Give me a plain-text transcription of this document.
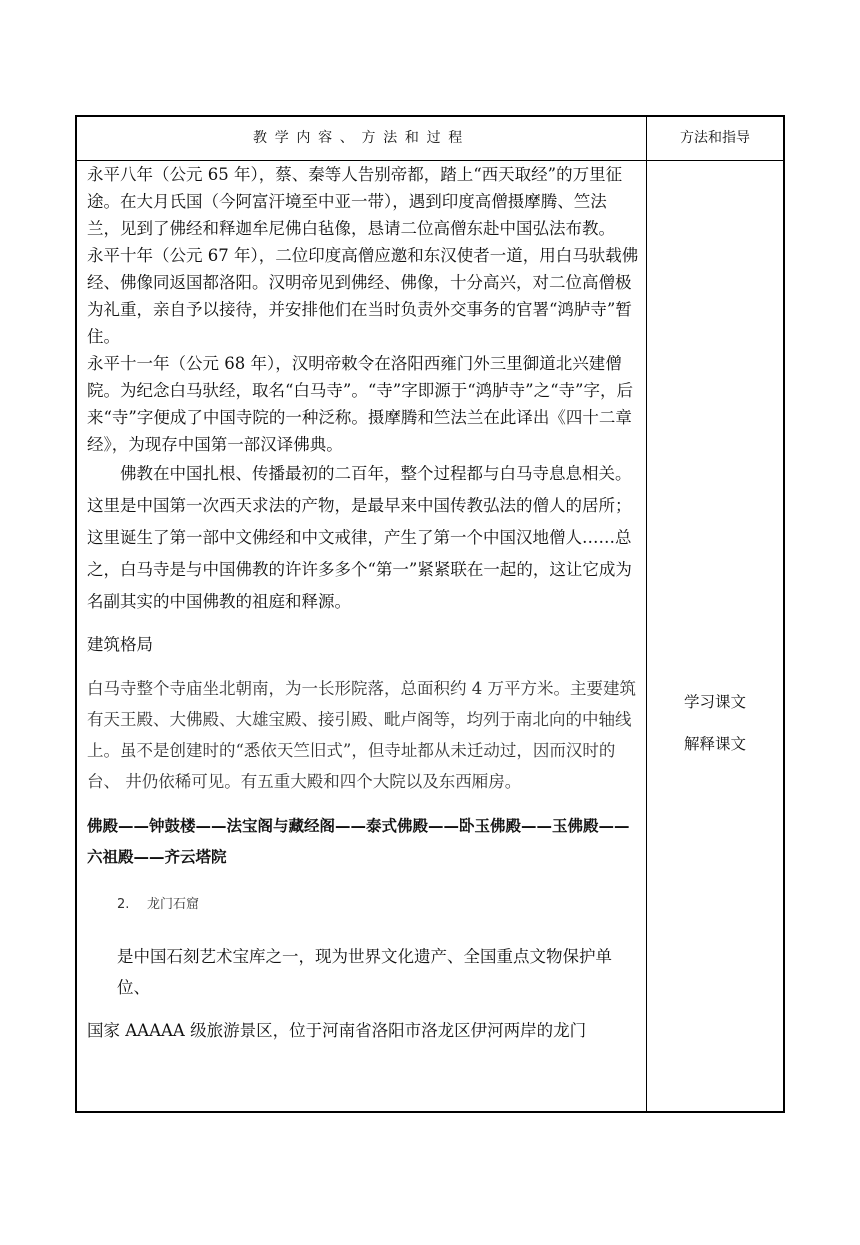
教学内容、方法和过程	方法和指导

永平八年（公元 65 年），蔡、秦等人告别帝都，踏上“西天取经”的万里征途。在大月氏国（今阿富汗境至中亚一带），遇到印度高僧摄摩腾、竺法兰，见到了佛经和释迦牟尼佛白毡像，恳请二位高僧东赴中国弘法布教。

永平十年（公元 67 年），二位印度高僧应邀和东汉使者一道，用白马驮载佛经、佛像同返国都洛阳。汉明帝见到佛经、佛像，十分高兴，对二位高僧极为礼重，亲自予以接待，并安排他们在当时负责外交事务的官署“鸿胪寺”暂住。

永平十一年（公元 68 年），汉明帝敕令在洛阳西雍门外三里御道北兴建僧院。为纪念白马驮经，取名“白马寺”。“寺”字即源于“鸿胪寺”之“寺”字，后来“寺”字便成了中国寺院的一种泛称。摄摩腾和竺法兰在此译出《四十二章经》，为现存中国第一部汉译佛典。

佛教在中国扎根、传播最初的二百年，整个过程都与白马寺息息相关。这里是中国第一次西天求法的产物，是最早来中国传教弘法的僧人的居所；这里诞生了第一部中文佛经和中文戒律，产生了第一个中国汉地僧人……总之，白马寺是与中国佛教的许许多多个“第一”紧紧联在一起的，这让它成为名副其实的中国佛教的祖庭和释源。

建筑格局

白马寺整个寺庙坐北朝南，为一长形院落，总面积约 4 万平方米。主要建筑有天王殿、大佛殿、大雄宝殿、接引殿、毗卢阁等，均列于南北向的中轴线上。虽不是创建时的“悉依天竺旧式”，但寺址都从未迁动过，因而汉时的台、 井仍依稀可见。有五重大殿和四个大院以及东西厢房。

佛殿——钟鼓楼——法宝阁与藏经阁——泰式佛殿——卧玉佛殿——玉佛殿——六祖殿——齐云塔院

2. 龙门石窟

是中国石刻艺术宝库之一，现为世界文化遗产、全国重点文物保护单位、

国家 AAAAA 级旅游景区，位于河南省洛阳市洛龙区伊河两岸的龙门

学习课文
解释课文
